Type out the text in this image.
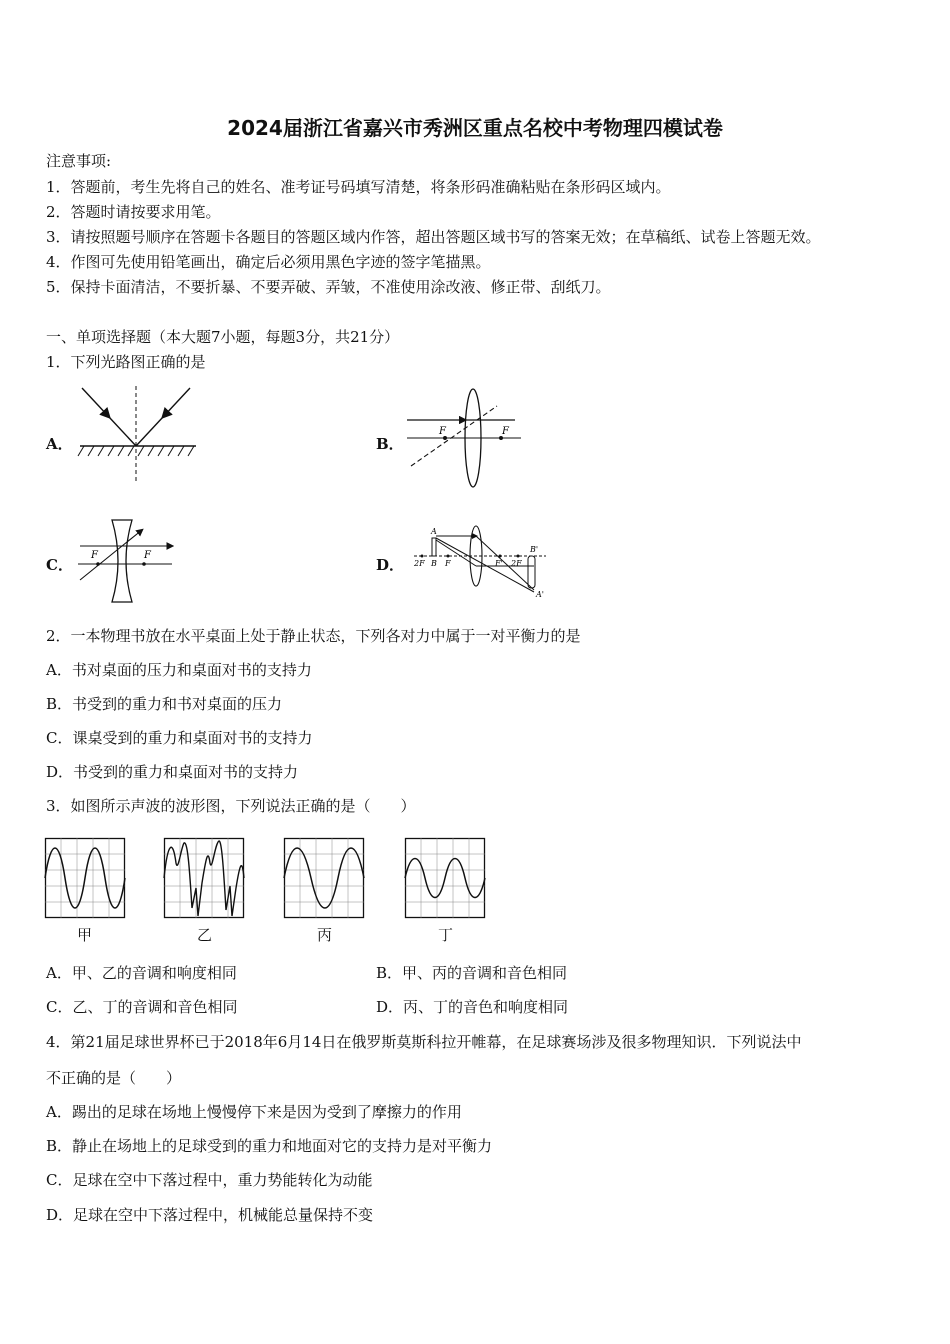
2024届浙江省嘉兴市秀洲区重点名校中考物理四模试卷
注意事项:
1．答题前，考生先将自己的姓名、准考证号码填写清楚，将条形码准确粘贴在条形码区域内。
2．答题时请按要求用笔。
3．请按照题号顺序在答题卡各题目的答题区域内作答，超出答题区域书写的答案无效；在草稿纸、试卷上答题无效。
4．作图可先使用铅笔画出，确定后必须用黑色字迹的签字笔描黑。
5．保持卡面清洁，不要折暴、不要弄破、弄皱，不准使用涂改液、修正带、刮纸刀。
一、单项选择题（本大题7小题，每题3分，共21分）
1．下列光路图正确的是
A．	B．
C．	D．
F	F
F	F
A
B
2F	F	F' 2F
B'
A'
2．一本物理书放在水平桌面上处于静止状态，下列各对力中属于一对平衡力的是
A．书对桌面的压力和桌面对书的支持力
B．书受到的重力和书对桌面的压力
C．课桌受到的重力和桌面对书的支持力
D．书受到的重力和桌面对书的支持力
3．如图所示声波的波形图，下列说法正确的是（　　）
甲	乙	丙	丁
A．甲、乙的音调和响度相同	B．甲、丙的音调和音色相同
C．乙、丁的音调和音色相同	D．丙、丁的音色和响度相同
4．第21届足球世界杯已于2018年6月14日在俄罗斯莫斯科拉开帷幕，在足球赛场涉及很多物理知识．下列说法中
不正确的是（　　）
A．踢出的足球在场地上慢慢停下来是因为受到了摩擦力的作用
B．静止在场地上的足球受到的重力和地面对它的支持力是对平衡力
C．足球在空中下落过程中，重力势能转化为动能
D．足球在空中下落过程中，机械能总量保持不变
